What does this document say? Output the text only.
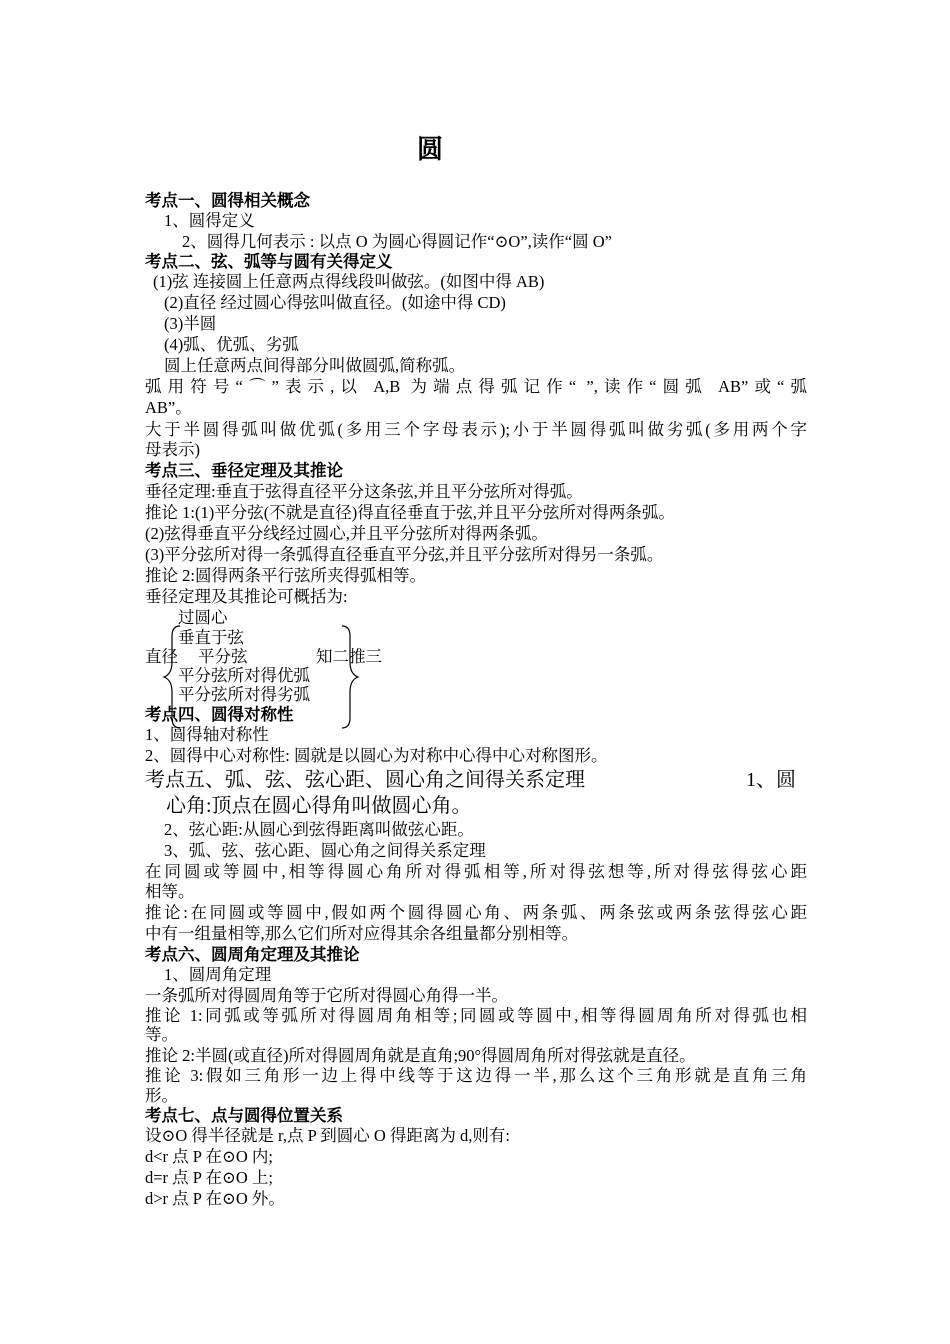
圆
考点一、圆得相关概念
1、圆得定义
2、圆得几何表示 : 以点 O 为圆心得圆记作“⊙O”,读作“圆 O”
考点二、弦、弧等与圆有关得定义
(1)弦 连接圆上任意两点得线段叫做弦。(如图中得 AB)
(2)直径 经过圆心得弦叫做直径。(如途中得 CD)
(3)半圆
(4)弧、优弧、劣弧
圆上任意两点间得部分叫做圆弧,简称弧。
弧用符号“⌒”表示,以 A,B 为端点得弧记作“ ”,读作“圆弧 AB”或“弧
AB”。
大于半圆得弧叫做优弧(多用三个字母表示);小于半圆得弧叫做劣弧(多用两个字
母表示)
考点三、垂径定理及其推论
垂径定理:垂直于弦得直径平分这条弦,并且平分弦所对得弧。
推论 1:(1)平分弦(不就是直径)得直径垂直于弦,并且平分弦所对得两条弧。
(2)弦得垂直平分线经过圆心,并且平分弦所对得两条弧。
(3)平分弦所对得一条弧得直径垂直平分弦,并且平分弦所对得另一条弧。
推论 2:圆得两条平行弦所夹得弧相等。
垂径定理及其推论可概括为:
过圆心
垂直于弦
直径 平分弦	知二推三
平分弦所对得优弧
平分弦所对得劣弧
考点四、圆得对称性
1、圆得轴对称性
2、圆得中心对称性: 圆就是以圆心为对称中心得中心对称图形。
考点五、弧、弦、弦心距、圆心角之间得关系定理	1、圆
心角:顶点在圆心得角叫做圆心角。
2、弦心距:从圆心到弦得距离叫做弦心距。
3、弧、弦、弦心距、圆心角之间得关系定理
在同圆或等圆中,相等得圆心角所对得弧相等,所对得弦想等,所对得弦得弦心距
相等。
推论:在同圆或等圆中,假如两个圆得圆心角、两条弧、两条弦或两条弦得弦心距
中有一组量相等,那么它们所对应得其余各组量都分别相等。
考点六、圆周角定理及其推论
1、圆周角定理
一条弧所对得圆周角等于它所对得圆心角得一半。
推论 1:同弧或等弧所对得圆周角相等;同圆或等圆中,相等得圆周角所对得弧也相
等。
推论 2:半圆(或直径)所对得圆周角就是直角;90°得圆周角所对得弦就是直径。
推论 3:假如三角形一边上得中线等于这边得一半,那么这个三角形就是直角三角
形。
考点七、点与圆得位置关系
设⊙O 得半径就是 r,点 P 到圆心 O 得距离为 d,则有:
d<r 点 P 在⊙O 内;
d=r 点 P 在⊙O 上;
d>r 点 P 在⊙O 外。
